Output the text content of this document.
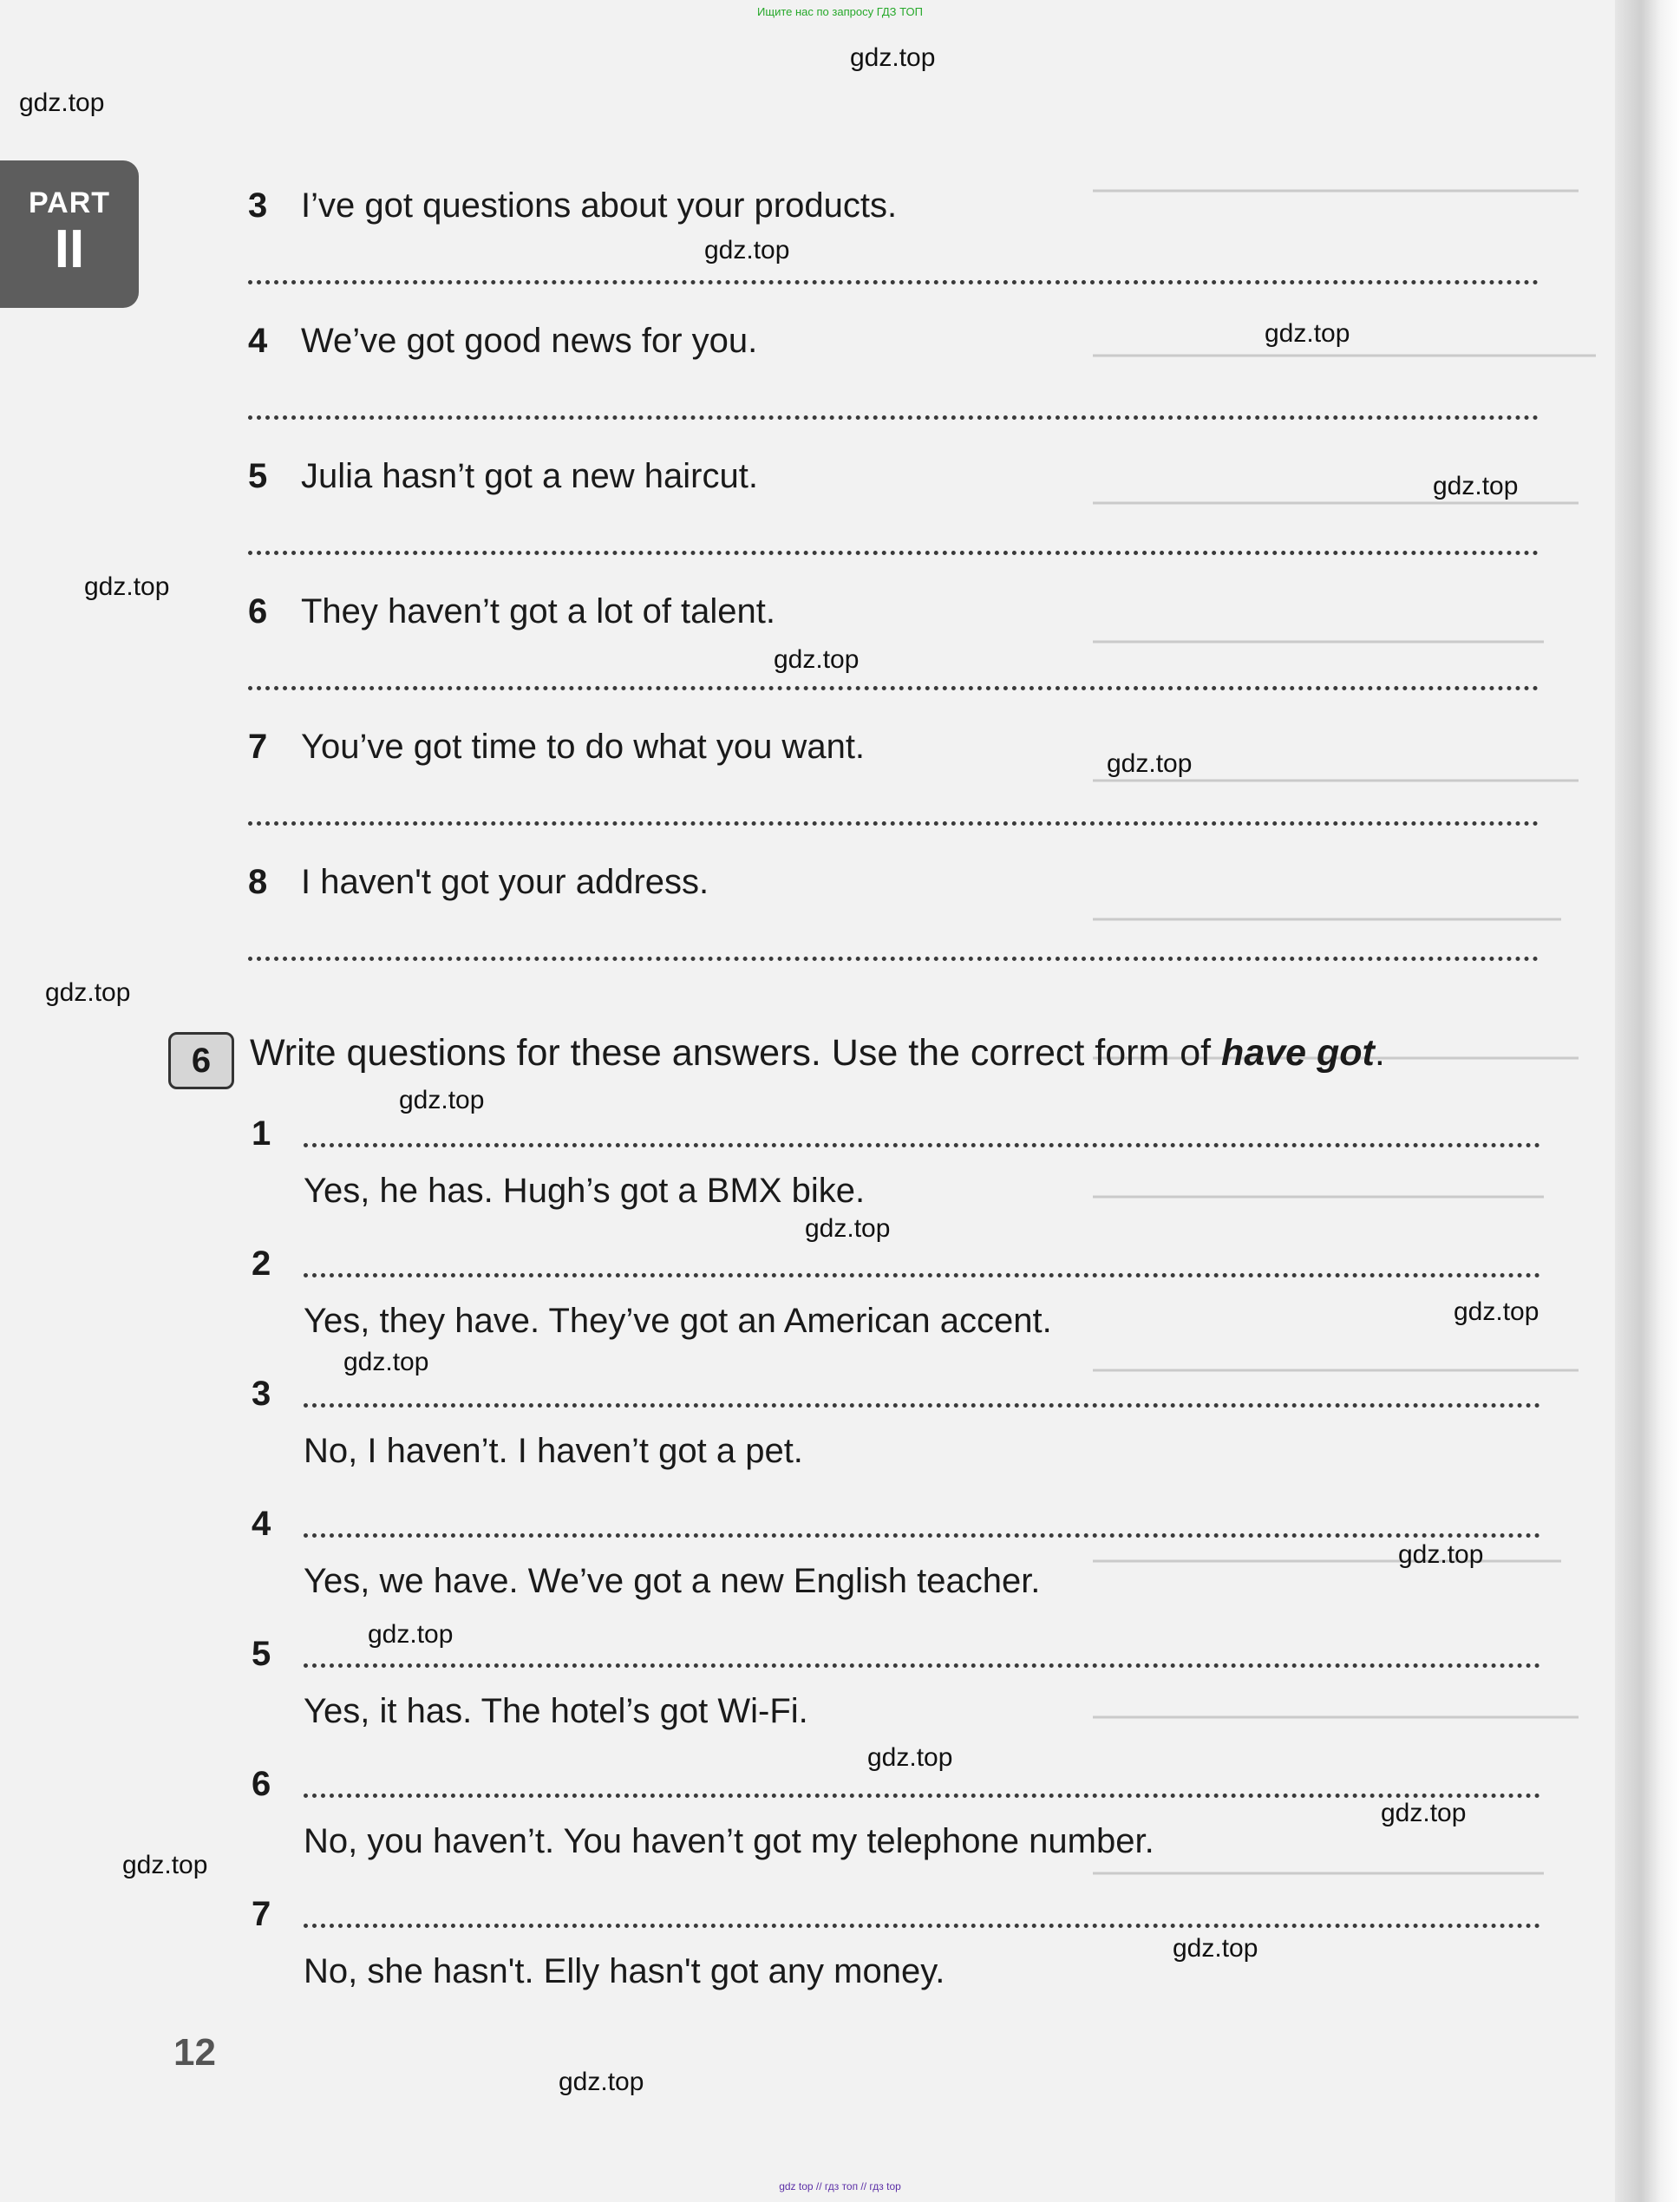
Ищите нас по запросу ГДЗ ТОП
PART
II
3 I’ve got questions about your products.
4 We’ve got good news for you.
5 Julia hasn’t got a new haircut.
6 They haven’t got a lot of talent.
7 You’ve got time to do what you want.
8 I haven't got your address.
6	Write questions for these answers. Use the correct form of have got.
1
Yes, he has. Hugh’s got a BMX bike.
2
Yes, they have. They’ve got an American accent.
3
No, I haven’t. I haven’t got a pet.
4
Yes, we have. We’ve got a new English teacher.
5
Yes, it has. The hotel’s got Wi-Fi.
6
No, you haven’t. You haven’t got my telephone number.
7
No, she hasn't. Elly hasn't got any money.
12
gdz.top
gdz.top
gdz.top
gdz.top
gdz.top
gdz.top
gdz.top
gdz.top
gdz.top
gdz.top
gdz.top
gdz.top
gdz.top
gdz.top
gdz.top
gdz.top
gdz.top
gdz.top
gdz.top
gdz.top
gdz top // гдз топ // гдз top
